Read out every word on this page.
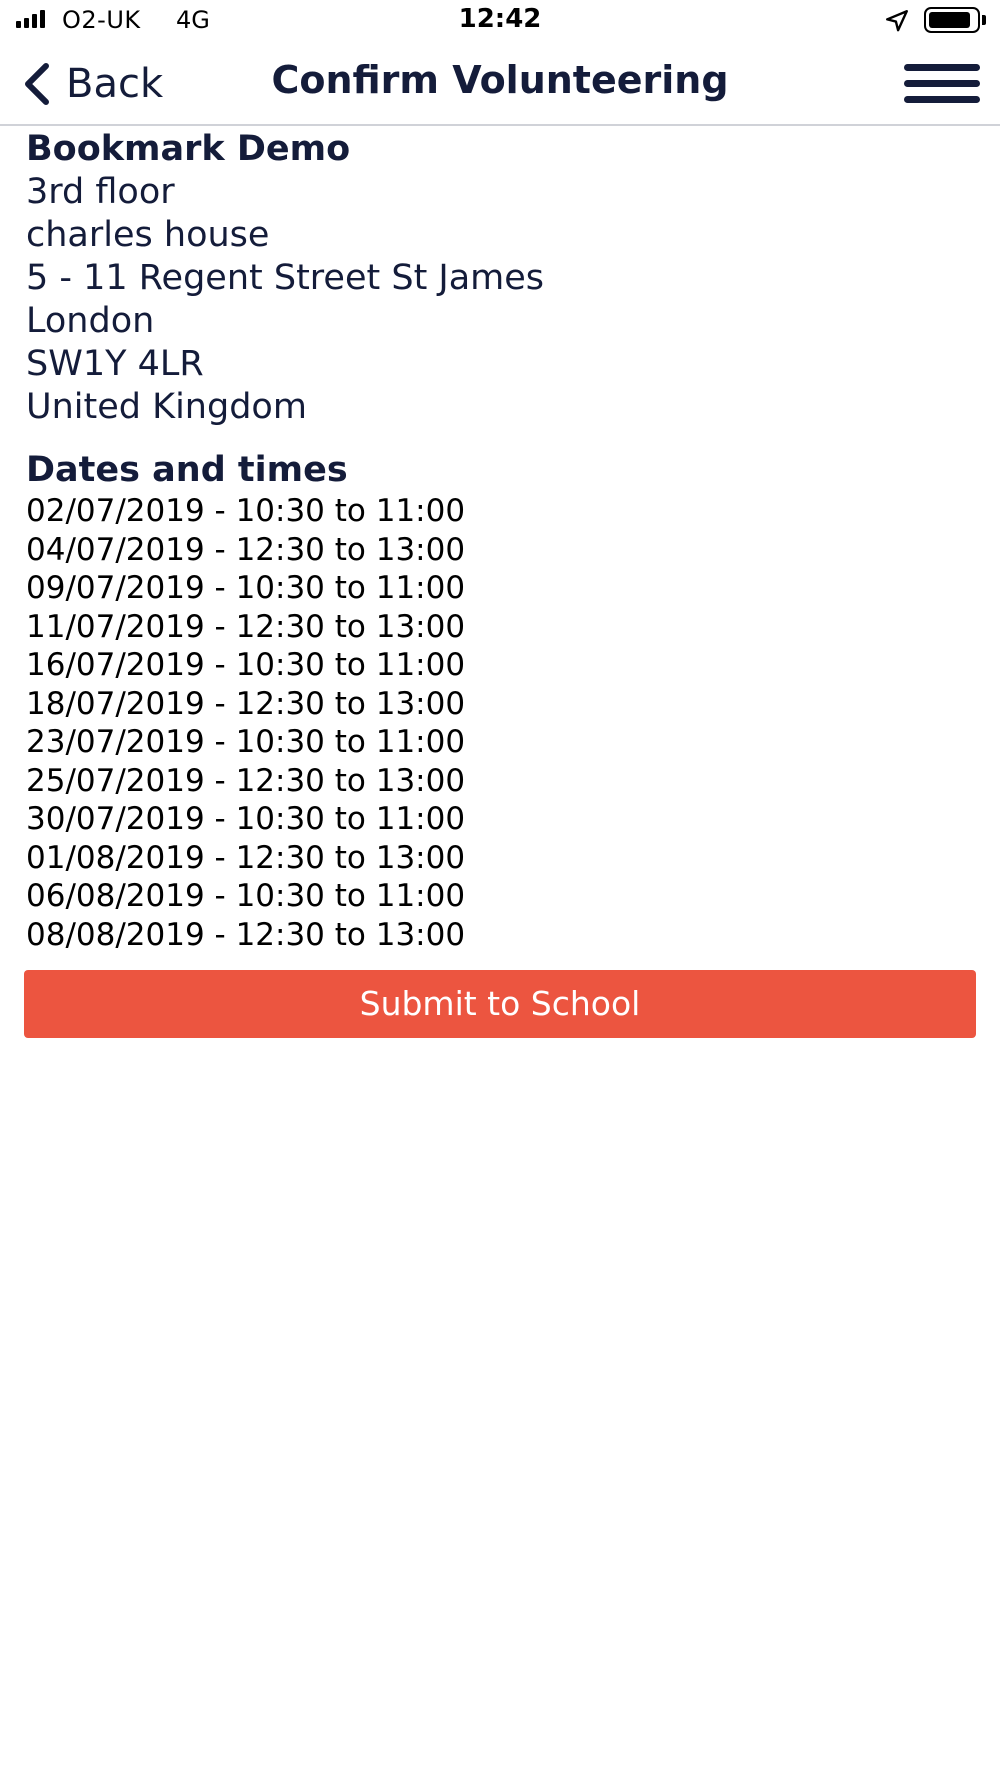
O2-UK 4G	12:42
Back	Confirm Volunteering
Bookmark Demo
3rd floor
charles house
5 - 11 Regent Street St James
London
SW1Y 4LR
United Kingdom
Dates and times
02/07/2019 - 10:30 to 11:00
04/07/2019 - 12:30 to 13:00
09/07/2019 - 10:30 to 11:00
11/07/2019 - 12:30 to 13:00
16/07/2019 - 10:30 to 11:00
18/07/2019 - 12:30 to 13:00
23/07/2019 - 10:30 to 11:00
25/07/2019 - 12:30 to 13:00
30/07/2019 - 10:30 to 11:00
01/08/2019 - 12:30 to 13:00
06/08/2019 - 10:30 to 11:00
08/08/2019 - 12:30 to 13:00
Submit to School
